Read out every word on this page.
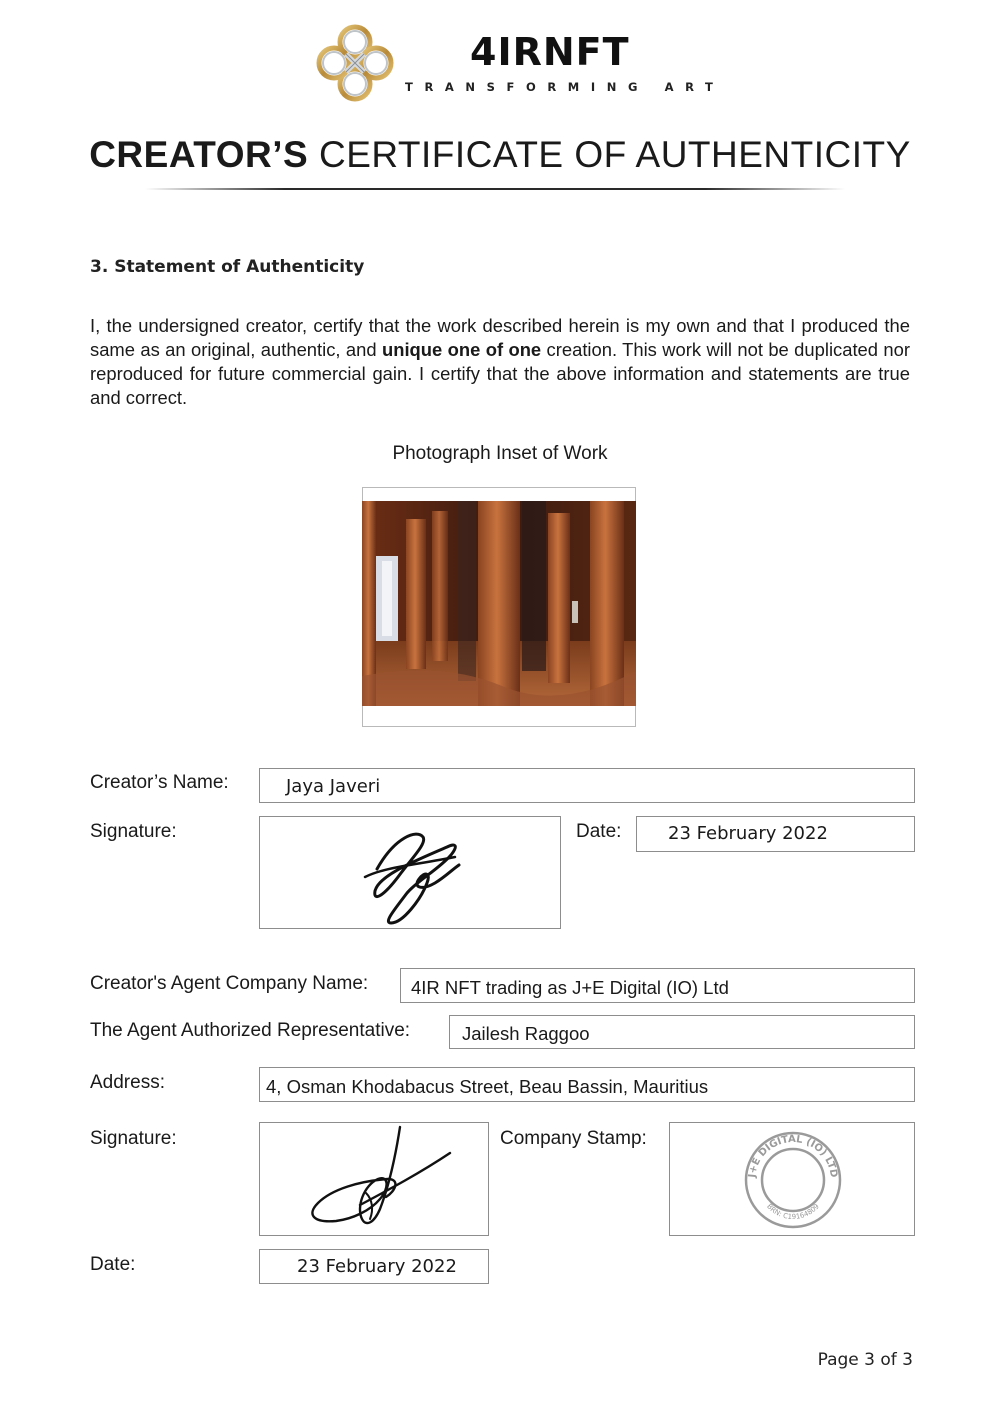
4IRNFT
TRANSFORMING ART
CREATOR’S CERTIFICATE OF AUTHENTICITY
3. Statement of Authenticity
I, the undersigned creator, certify that the work described herein is my own and that I produced the same as an original, authentic, and unique one of one creation. This work will not be duplicated nor reproduced for future commercial gain. I certify that the above information and statements are true and correct.
Photograph Inset of Work
Creator’s Name:	Jaya Javeri
Signature:	Date:	23 February 2022
Creator's Agent Company Name: 4IR NFT trading as J+E Digital (IO) Ltd
The Agent Authorized Representative:	Jailesh Raggoo
Address:	4, Osman Khodabacus Street, Beau Bassin, Mauritius
Signature:	Company Stamp:
J+E DIGITAL (IO) LTD
BRN: C19164809
Date:	23 February 2022
Page 3 of 3
